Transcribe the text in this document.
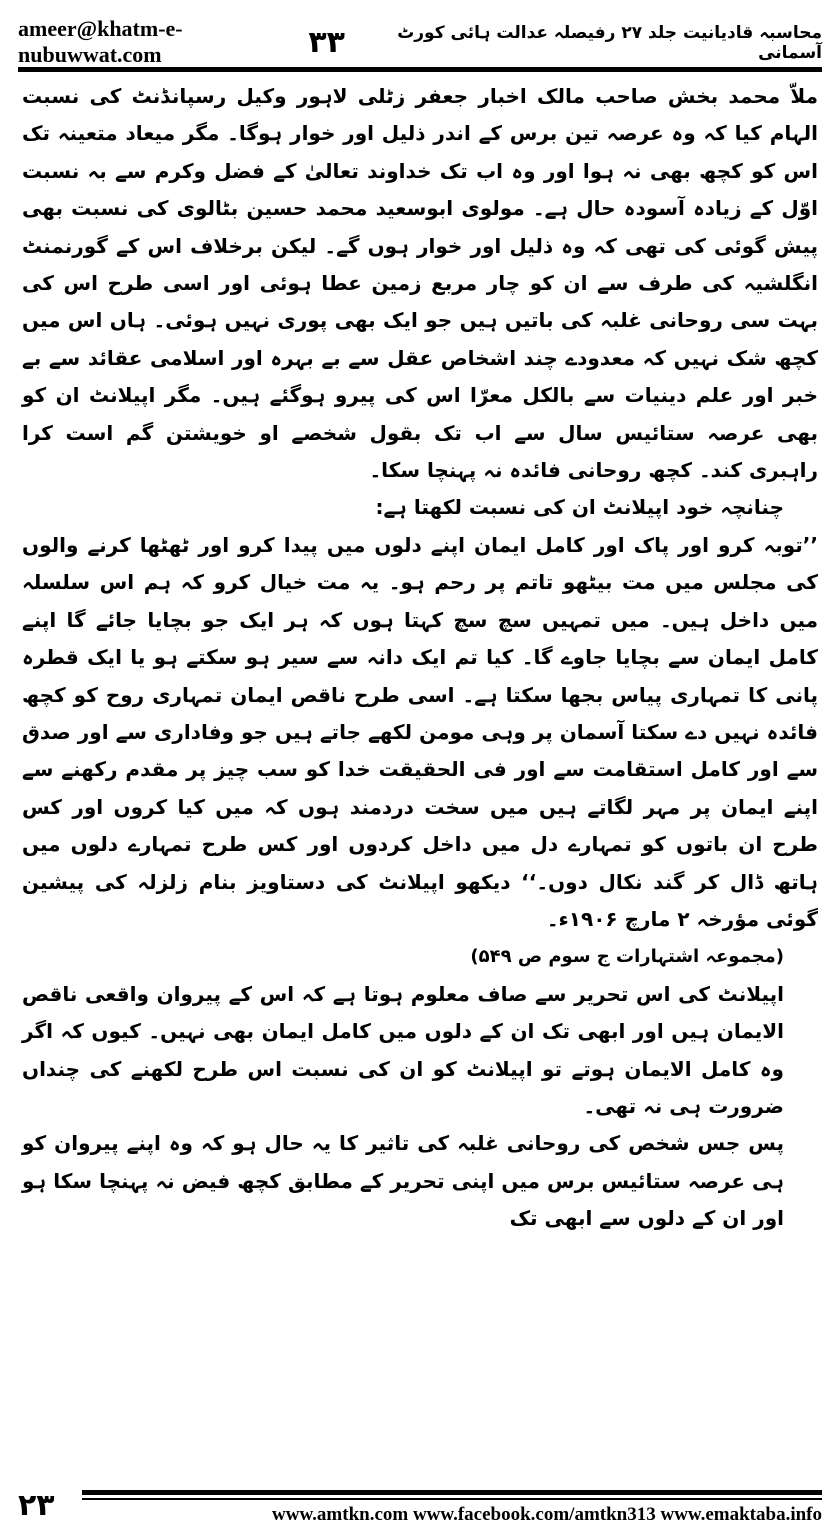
ameer@khatm-e-nubuwwat.com	۳۳	محاسبہ قادیانیت جلد ۲۷ رفیصلہ عدالت ہائی کورٹ آسمانی

ملاّ محمد بخش صاحب مالک اخبار جعفر زٹلی لاہور وکیل رسپانڈنٹ کی نسبت الہام کیا کہ وہ عرصہ تین برس کے اندر ذلیل اور خوار ہوگا۔ مگر میعاد متعینہ تک اس کو کچھ بھی نہ ہوا اور وہ اب تک خداوند تعالیٰ کے فضل وکرم سے بہ نسبت اوّل کے زیادہ آسودہ حال ہے۔ مولوی ابوسعید محمد حسین بٹالوی کی نسبت بھی پیش گوئی کی تھی کہ وہ ذلیل اور خوار ہوں گے۔ لیکن برخلاف اس کے گورنمنٹ انگلشیہ کی طرف سے ان کو چار مربع زمین عطا ہوئی اور اسی طرح اس کی بہت سی روحانی غلبہ کی باتیں ہیں جو ایک بھی پوری نہیں ہوئی۔ ہاں اس میں کچھ شک نہیں کہ معدودے چند اشخاص عقل سے بے بہرہ اور اسلامی عقائد سے بے خبر اور علم دینیات سے بالکل معرّا اس کی پیرو ہوگئے ہیں۔ مگر اپیلانٹ ان کو بھی عرصہ ستائیس سال سے اب تک بقول شخصے او خویشتن گم است کرا راہبری کند۔ کچھ روحانی فائدہ نہ پہنچا سکا۔

چنانچہ خود اپیلانٹ ان کی نسبت لکھتا ہے:

’’توبہ کرو اور پاک اور کامل ایمان اپنے دلوں میں پیدا کرو اور ٹھٹھا کرنے والوں کی مجلس میں مت بیٹھو تاتم پر رحم ہو۔ یہ مت خیال کرو کہ ہم اس سلسلہ میں داخل ہیں۔ میں تمہیں سچ سچ کہتا ہوں کہ ہر ایک جو بچایا جائے گا اپنے کامل ایمان سے بچایا جاوے گا۔ کیا تم ایک دانہ سے سیر ہو سکتے ہو یا ایک قطرہ پانی کا تمہاری پیاس بجھا سکتا ہے۔ اسی طرح ناقص ایمان تمہاری روح کو کچھ فائدہ نہیں دے سکتا آسمان پر وہی مومن لکھے جاتے ہیں جو وفاداری سے اور صدق سے اور کامل استقامت سے اور فی الحقیقت خدا کو سب چیز پر مقدم رکھنے سے اپنے ایمان پر مہر لگاتے ہیں میں سخت دردمند ہوں کہ میں کیا کروں اور کس طرح ان باتوں کو تمہارے دل میں داخل کردوں اور کس طرح تمہارے دلوں میں ہاتھ ڈال کر گند نکال دوں۔‘‘ دیکھو اپیلانٹ کی دستاویز بنام زلزلہ کی پیشین گوئی مؤرخہ ۲ مارچ ۱۹۰۶ء۔

(مجموعہ اشتہارات ج سوم ص ۵۴۹)

اپیلانٹ کی اس تحریر سے صاف معلوم ہوتا ہے کہ اس کے پیروان واقعی ناقص الایمان ہیں اور ابھی تک ان کے دلوں میں کامل ایمان بھی نہیں۔ کیوں کہ اگر وہ کامل الایمان ہوتے تو اپیلانٹ کو ان کی نسبت اس طرح لکھنے کی چنداں ضرورت ہی نہ تھی۔

پس جس شخص کی روحانی غلبہ کی تاثیر کا یہ حال ہو کہ وہ اپنے پیروان کو ہی عرصہ ستائیس برس میں اپنی تحریر کے مطابق کچھ فیض نہ پہنچا سکا ہو اور ان کے دلوں سے ابھی تک

۲۳	www.amtkn.com www.facebook.com/amtkn313 www.emaktaba.info
